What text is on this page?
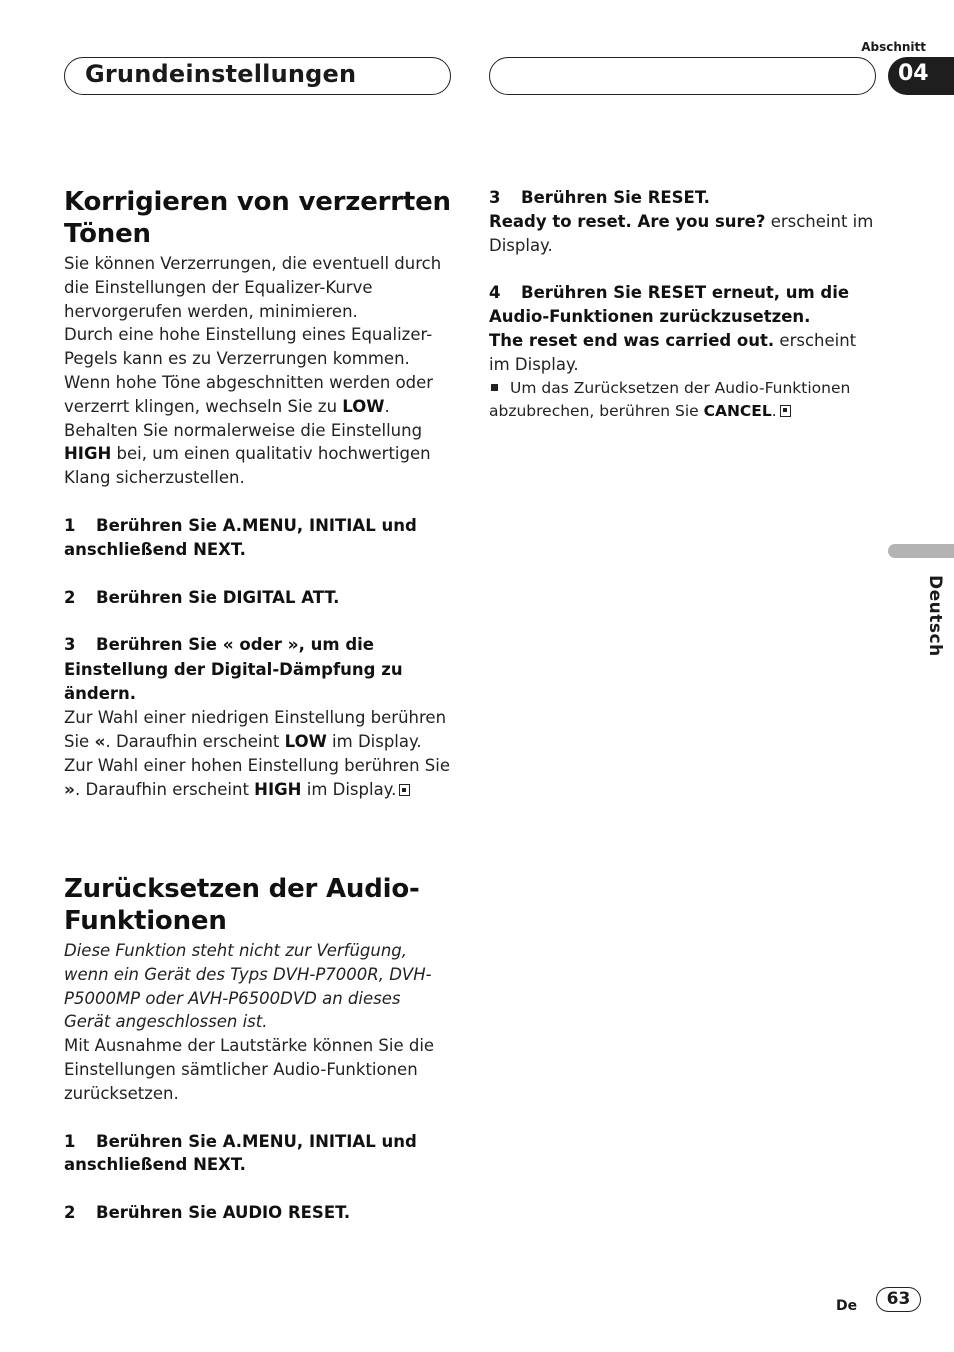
Grundeinstellungen
Abschnitt
04
Deutsch
Korrigieren von verzerrten Tönen

Sie können Verzerrungen, die eventuell durch die Einstellungen der Equalizer-Kurve hervorgerufen werden, minimieren.

Durch eine hohe Einstellung eines Equalizer-Pegels kann es zu Verzerrungen kommen.

Wenn hohe Töne abgeschnitten werden oder verzerrt klingen, wechseln Sie zu LOW. Behalten Sie normalerweise die Einstellung HIGH bei, um einen qualitativ hochwertigen Klang sicherzustellen.

1 Berühren Sie A.MENU, INITIAL und anschließend NEXT.

2 Berühren Sie DIGITAL ATT.

3 Berühren Sie « oder », um die Einstellung der Digital-Dämpfung zu ändern.

Zur Wahl einer niedrigen Einstellung berühren Sie «. Daraufhin erscheint LOW im Display.

Zur Wahl einer hohen Einstellung berühren Sie ». Daraufhin erscheint HIGH im Display.

Zurücksetzen der Audio-Funktionen

Diese Funktion steht nicht zur Verfügung, wenn ein Gerät des Typs DVH-P7000R, DVH-P5000MP oder AVH-P6500DVD an dieses Gerät angeschlossen ist.

Mit Ausnahme der Lautstärke können Sie die Einstellungen sämtlicher Audio-Funktionen zurücksetzen.

1 Berühren Sie A.MENU, INITIAL und anschließend NEXT.

2 Berühren Sie AUDIO RESET.

3 Berühren Sie RESET.

Ready to reset. Are you sure? erscheint im Display.

4 Berühren Sie RESET erneut, um die Audio-Funktionen zurückzusetzen.

The reset end was carried out. erscheint im Display.

Um das Zurücksetzen der Audio-Funktionen abzubrechen, berühren Sie CANCEL.

De	63
